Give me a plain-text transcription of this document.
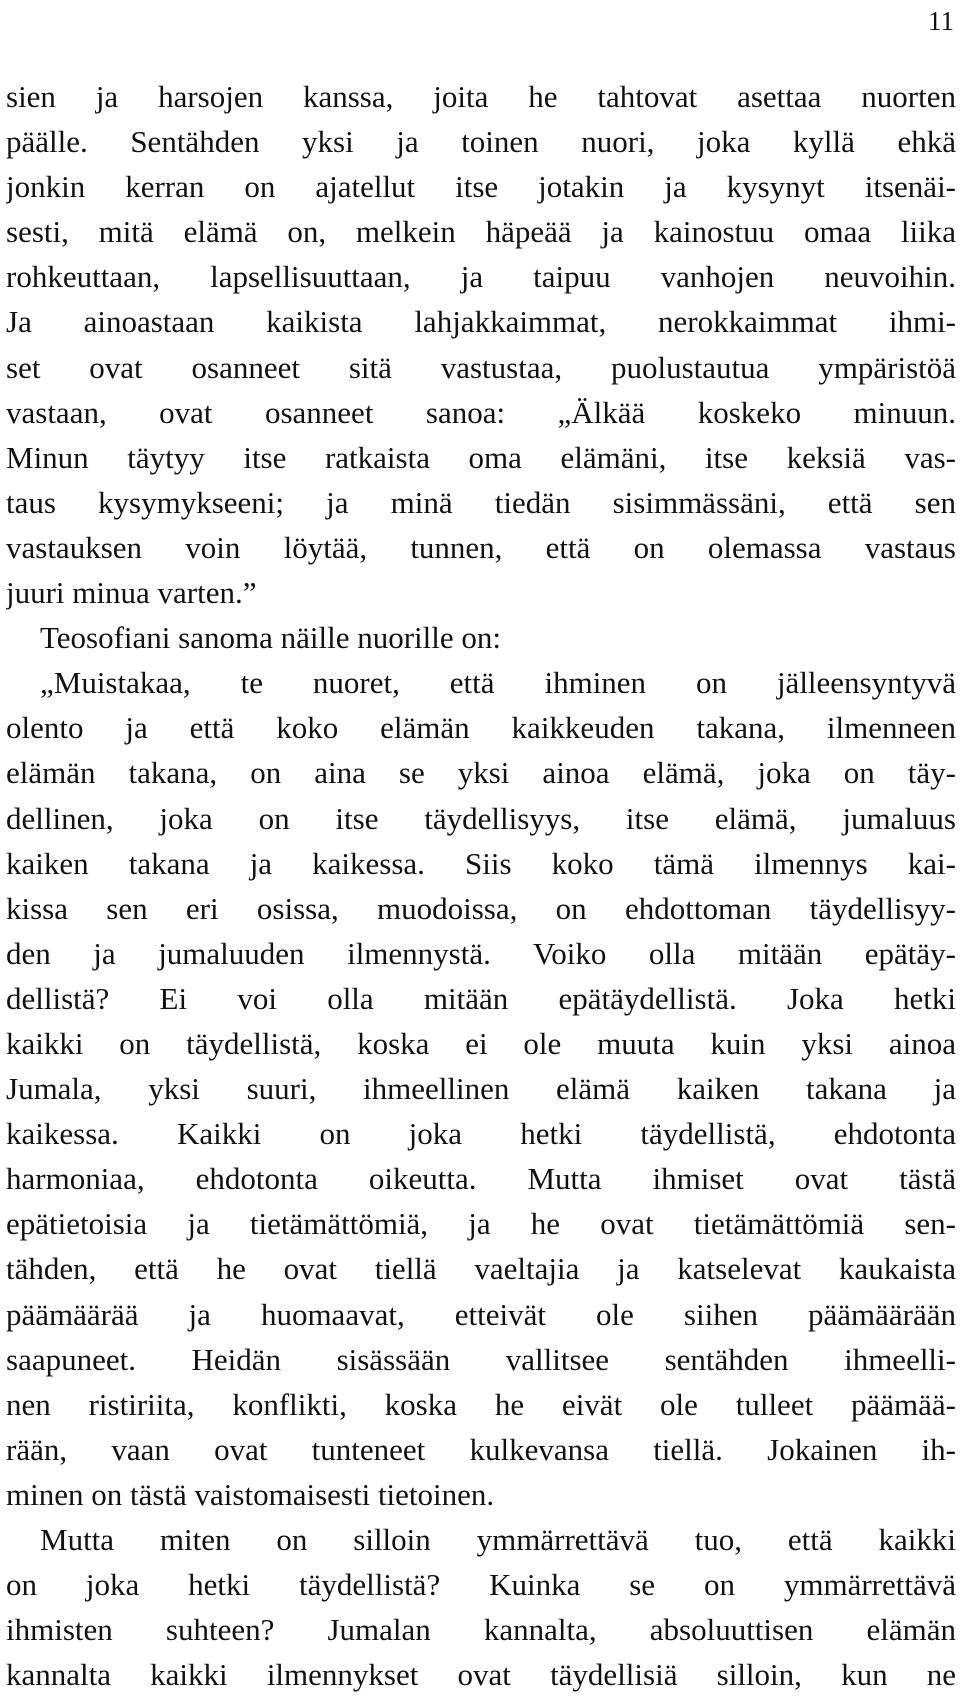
11
sien ja harsojen kanssa, joita he tahtovat asettaa nuorten
päälle. Sentähden yksi ja toinen nuori, joka kyllä ehkä
jonkin kerran on ajatellut itse jotakin ja kysynyt itsenäi-
sesti, mitä elämä on, melkein häpeää ja kainostuu omaa liika
rohkeuttaan, lapsellisuuttaan, ja taipuu vanhojen neuvoihin.
Ja ainoastaan kaikista lahjakkaimmat, nerokkaimmat ihmi-
set ovat osanneet sitä vastustaa, puolustautua ympäristöä
vastaan, ovat osanneet sanoa: „Älkää koskeko minuun.
Minun täytyy itse ratkaista oma elämäni, itse keksiä vas-
taus kysymykseeni; ja minä tiedän sisimmässäni, että sen
vastauksen voin löytää, tunnen, että on olemassa vastaus
juuri minua varten.”
Teosofiani sanoma näille nuorille on:
„Muistakaa, te nuoret, että ihminen on jälleensyntyvä
olento ja että koko elämän kaikkeuden takana, ilmenneen
elämän takana, on aina se yksi ainoa elämä, joka on täy-
dellinen, joka on itse täydellisyys, itse elämä, jumaluus
kaiken takana ja kaikessa. Siis koko tämä ilmennys kai-
kissa sen eri osissa, muodoissa, on ehdottoman täydellisyy-
den ja jumaluuden ilmennystä. Voiko olla mitään epätäy-
dellistä? Ei voi olla mitään epätäydellistä. Joka hetki
kaikki on täydellistä, koska ei ole muuta kuin yksi ainoa
Jumala, yksi suuri, ihmeellinen elämä kaiken takana ja
kaikessa. Kaikki on joka hetki täydellistä, ehdotonta
harmoniaa, ehdotonta oikeutta. Mutta ihmiset ovat tästä
epätietoisia ja tietämättömiä, ja he ovat tietämättömiä sen-
tähden, että he ovat tiellä vaeltajia ja katselevat kaukaista
päämäärää ja huomaavat, etteivät ole siihen päämäärään
saapuneet. Heidän sisässään vallitsee sentähden ihmeelli-
nen ristiriita, konflikti, koska he eivät ole tulleet päämää-
rään, vaan ovat tunteneet kulkevansa tiellä. Jokainen ih-
minen on tästä vaistomaisesti tietoinen.
Mutta miten on silloin ymmärrettävä tuo, että kaikki
on joka hetki täydellistä? Kuinka se on ymmärrettävä
ihmisten suhteen? Jumalan kannalta, absoluuttisen elämän
kannalta kaikki ilmennykset ovat täydellisiä silloin, kun ne
